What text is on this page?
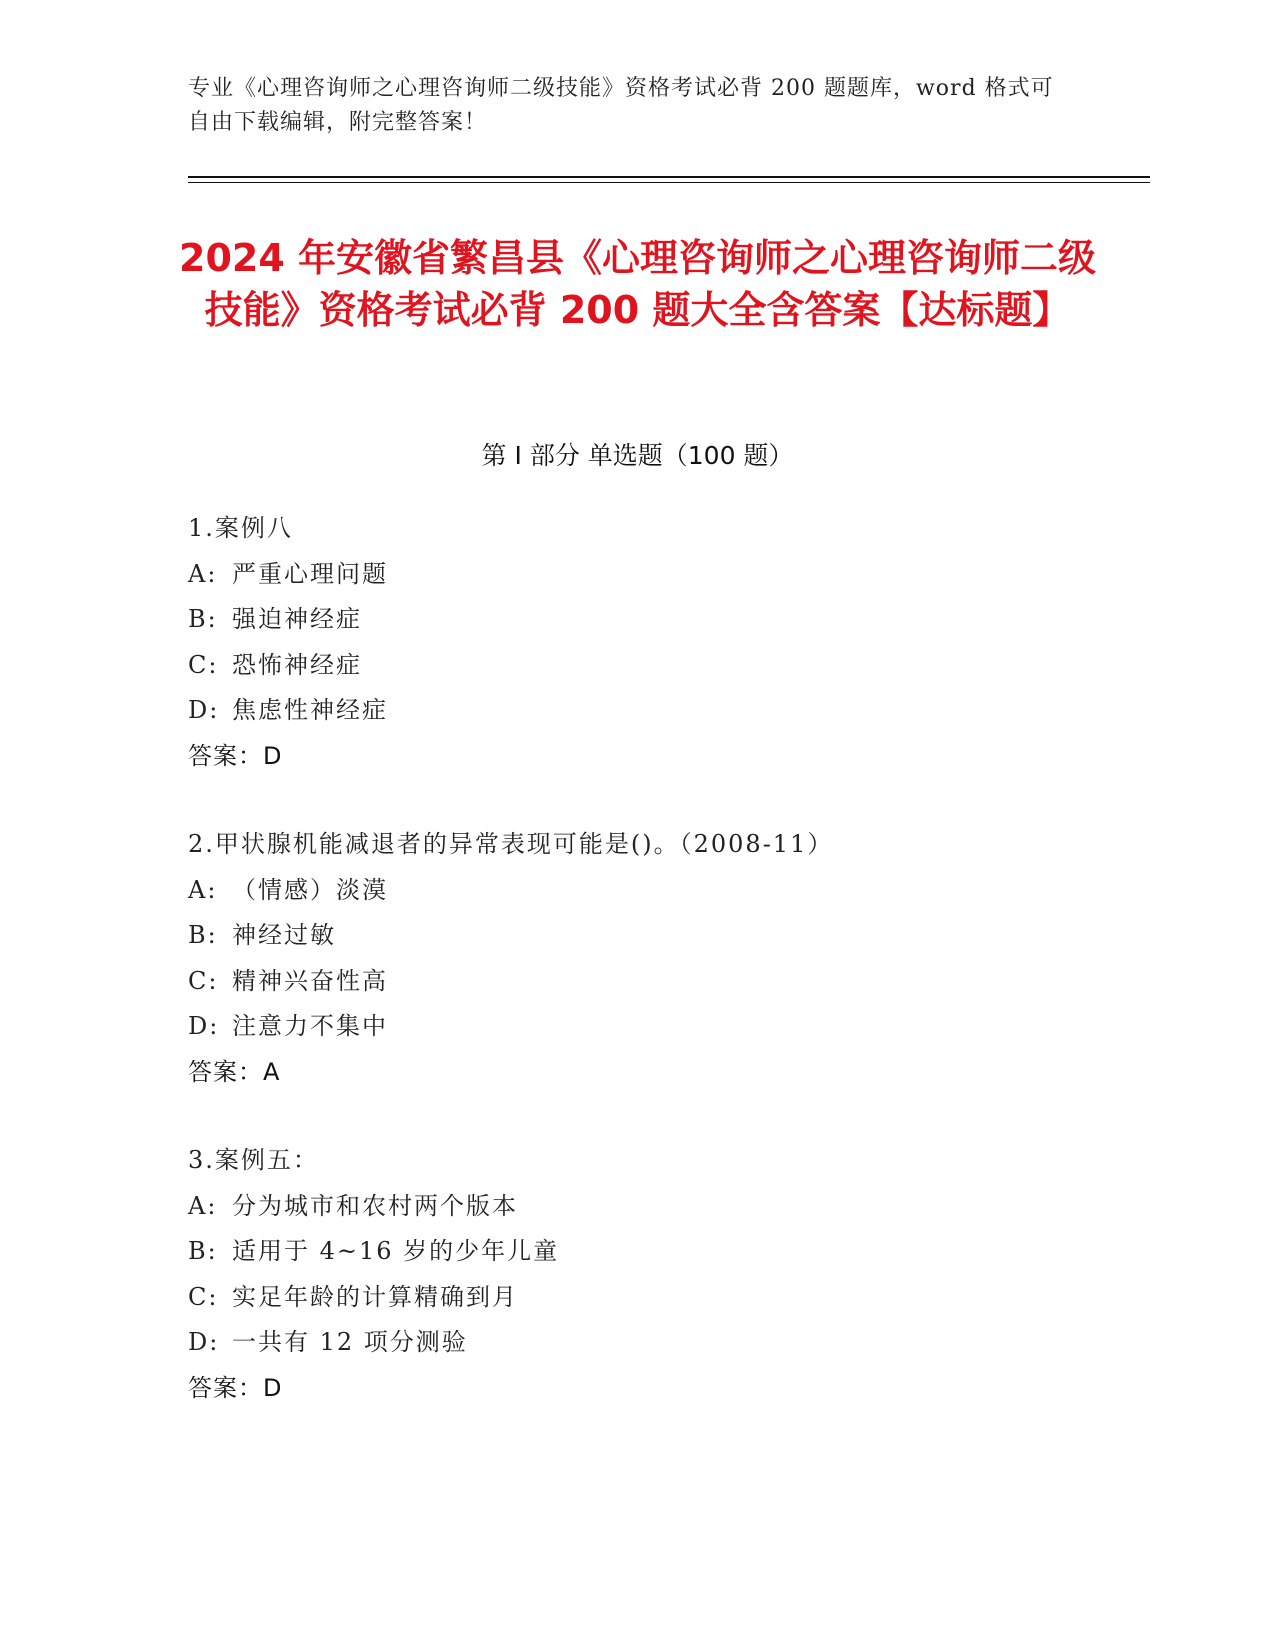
专业《心理咨询师之心理咨询师二级技能》资格考试必背 200 题题库，word 格式可自由下载编辑，附完整答案！
2024 年安徽省繁昌县《心理咨询师之心理咨询师二级技能》资格考试必背 200 题大全含答案【达标题】
第 I 部分 单选题（100 题）
1.案例八
A: 严重心理问题
B: 强迫神经症
C: 恐怖神经症
D: 焦虑性神经症
答案：D
2.甲状腺机能减退者的异常表现可能是()。（2008-11）
A: （情感）淡漠
B: 神经过敏
C: 精神兴奋性高
D: 注意力不集中
答案：A
3.案例五：
A: 分为城市和农村两个版本
B: 适用于 4~16 岁的少年儿童
C: 实足年龄的计算精确到月
D: 一共有 12 项分测验
答案：D
